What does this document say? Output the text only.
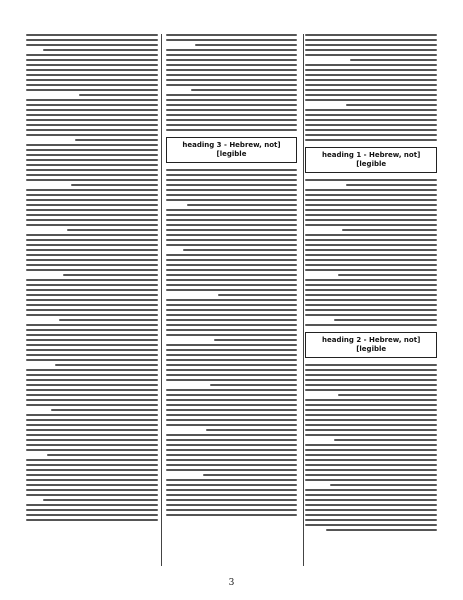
[heading 1 - Hebrew, not legible]
[heading 2 - Hebrew, not legible]
[heading 3 - Hebrew, not legible]
3
